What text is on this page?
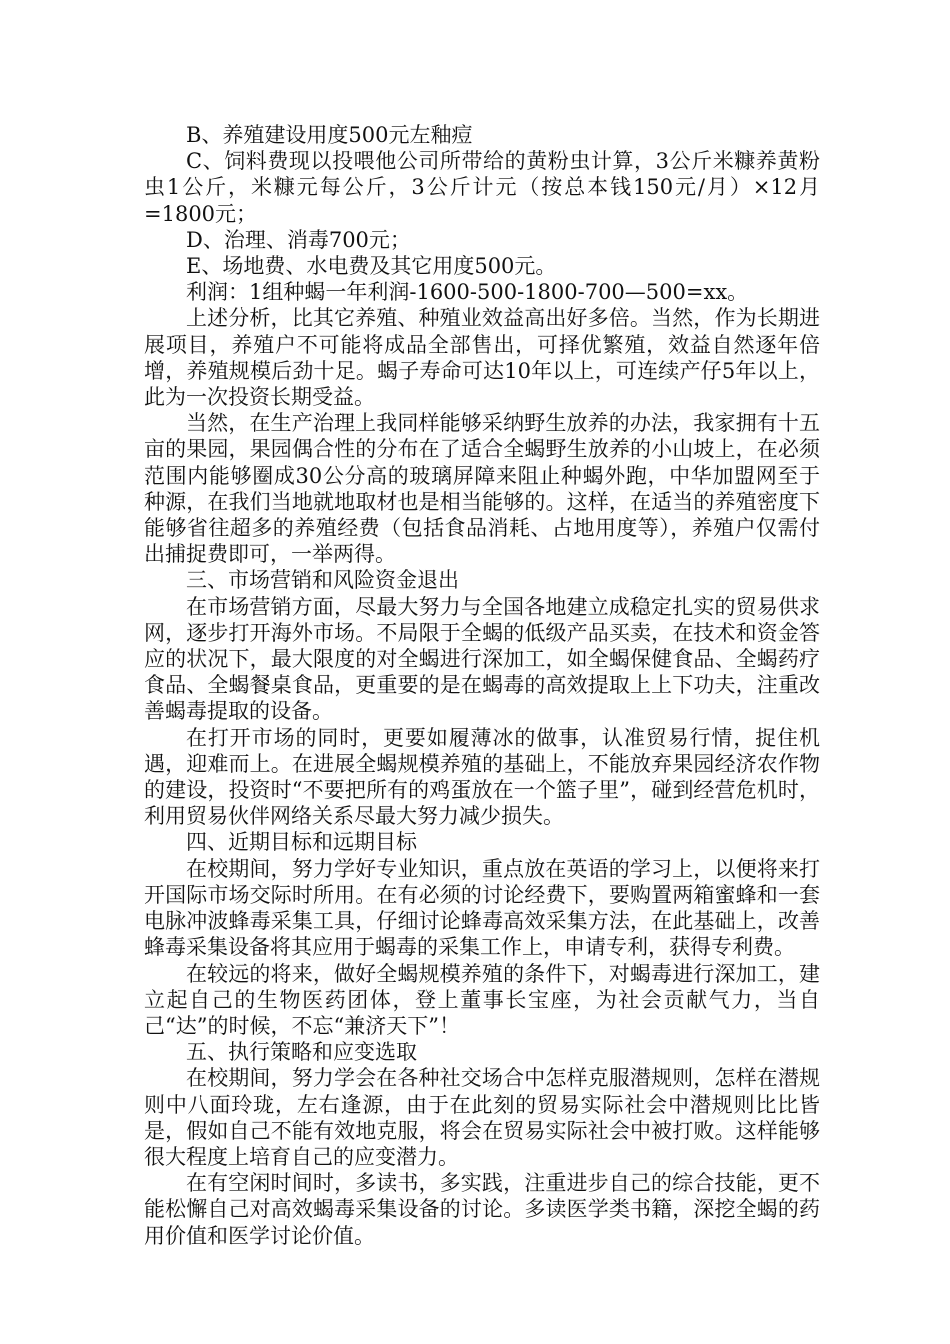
B、养殖建设用度500元左釉痘

C、饲料费现以投喂他公司所带给的黄粉虫计算，3公斤米糠养黄粉虫1公斤，米糠元每公斤，3公斤计元（按总本钱150元/月）×12月=1800元；

D、治理、消毒700元；

E、场地费、水电费及其它用度500元。

利润：1组种蝎一年利润-1600-500-1800-700—500=xx。

上述分析，比其它养殖、种殖业效益高出好多倍。当然，作为长期进展项目，养殖户不可能将成品全部售出，可择优繁殖，效益自然逐年倍增，养殖规模后劲十足。蝎子寿命可达10年以上，可连续产仔5年以上，此为一次投资长期受益。

当然，在生产治理上我同样能够采纳野生放养的办法，我家拥有十五亩的果园，果园偶合性的分布在了适合全蝎野生放养的小山坡上，在必须范围内能够圈成30公分高的玻璃屏障来阻止种蝎外跑，中华加盟网至于种源，在我们当地就地取材也是相当能够的。这样，在适当的养殖密度下能够省往超多的养殖经费（包括食品消耗、占地用度等），养殖户仅需付出捕捉费即可，一举两得。

三、市场营销和风险资金退出

在市场营销方面，尽最大努力与全国各地建立成稳定扎实的贸易供求网，逐步打开海外市场。不局限于全蝎的低级产品买卖，在技术和资金答应的状况下，最大限度的对全蝎进行深加工，如全蝎保健食品、全蝎药疗食品、全蝎餐桌食品，更重要的是在蝎毒的高效提取上上下功夫，注重改善蝎毒提取的设备。

在打开市场的同时，更要如履薄冰的做事，认准贸易行情，捉住机遇，迎难而上。在进展全蝎规模养殖的基础上，不能放弃果园经济农作物的建设，投资时“不要把所有的鸡蛋放在一个篮子里”，碰到经营危机时，利用贸易伙伴网络关系尽最大努力减少损失。

四、近期目标和远期目标

在校期间，努力学好专业知识，重点放在英语的学习上，以便将来打开国际市场交际时所用。在有必须的讨论经费下，要购置两箱蜜蜂和一套电脉冲波蜂毒采集工具，仔细讨论蜂毒高效采集方法，在此基础上，改善蜂毒采集设备将其应用于蝎毒的采集工作上，申请专利，获得专利费。

在较远的将来，做好全蝎规模养殖的条件下，对蝎毒进行深加工，建立起自己的生物医药团体，登上董事长宝座，为社会贡献气力，当自己“达”的时候，不忘“兼济天下”！

五、执行策略和应变选取

在校期间，努力学会在各种社交场合中怎样克服潜规则，怎样在潜规则中八面玲珑，左右逢源，由于在此刻的贸易实际社会中潜规则比比皆是，假如自己不能有效地克服，将会在贸易实际社会中被打败。这样能够很大程度上培育自己的应变潜力。

在有空闲时间时，多读书，多实践，注重进步自己的综合技能，更不能松懈自己对高效蝎毒采集设备的讨论。多读医学类书籍，深挖全蝎的药用价值和医学讨论价值。
